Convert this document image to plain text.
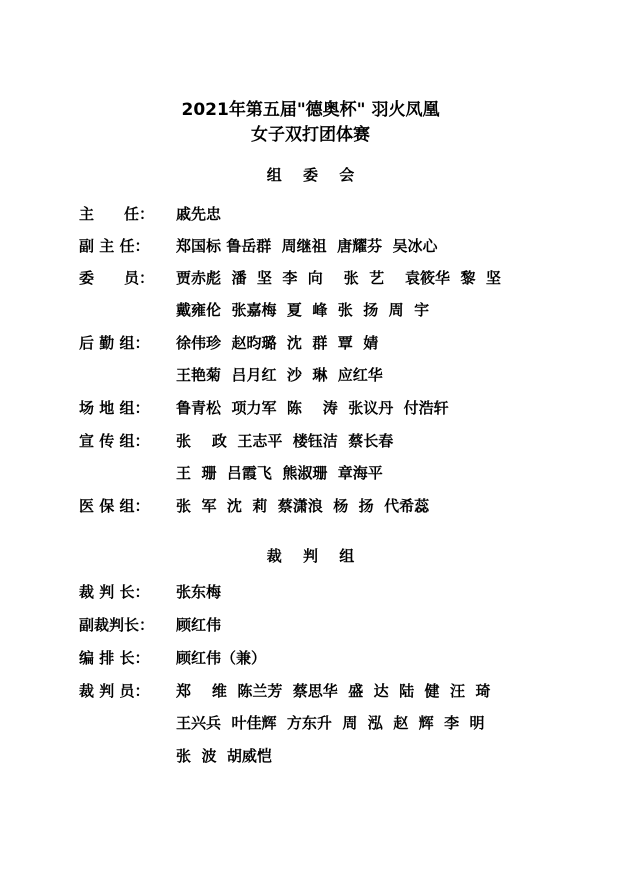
2021年第五届"德奥杯" 羽火凤凰
女子双打团体赛
组 委 会
主　　任：	戚先忠
副 主 任：	郑国标 鲁岳群  周继祖  唐耀芬  吴冰心
委　　员：	贾赤彪  潘  坚  李  向    张  艺    袁筱华  黎  坚
戴雍伦  张嘉梅  夏  峰  张  扬  周  宇
后 勤 组：	徐伟珍  赵昀璐  沈  群  覃  婧
王艳菊  吕月红  沙  琳  应红华
场 地 组：	鲁青松  项力军  陈    涛  张议丹  付浩轩
宣 传 组：	张    政  王志平  楼钰洁  蔡长春
王  珊  吕霞飞  熊淑珊  章海平
医 保 组：	张  军  沈  莉  蔡潇浪  杨  扬  代希蕊
裁 判 组
裁 判 长：	张东梅
副裁判长：	顾红伟
编 排 长：	顾红伟（兼）
裁 判 员：	郑    维  陈兰芳  蔡思华  盛  达  陆  健  汪  琦
王兴兵  叶佳辉  方东升  周  泓  赵  辉  李  明
张  波  胡威恺
